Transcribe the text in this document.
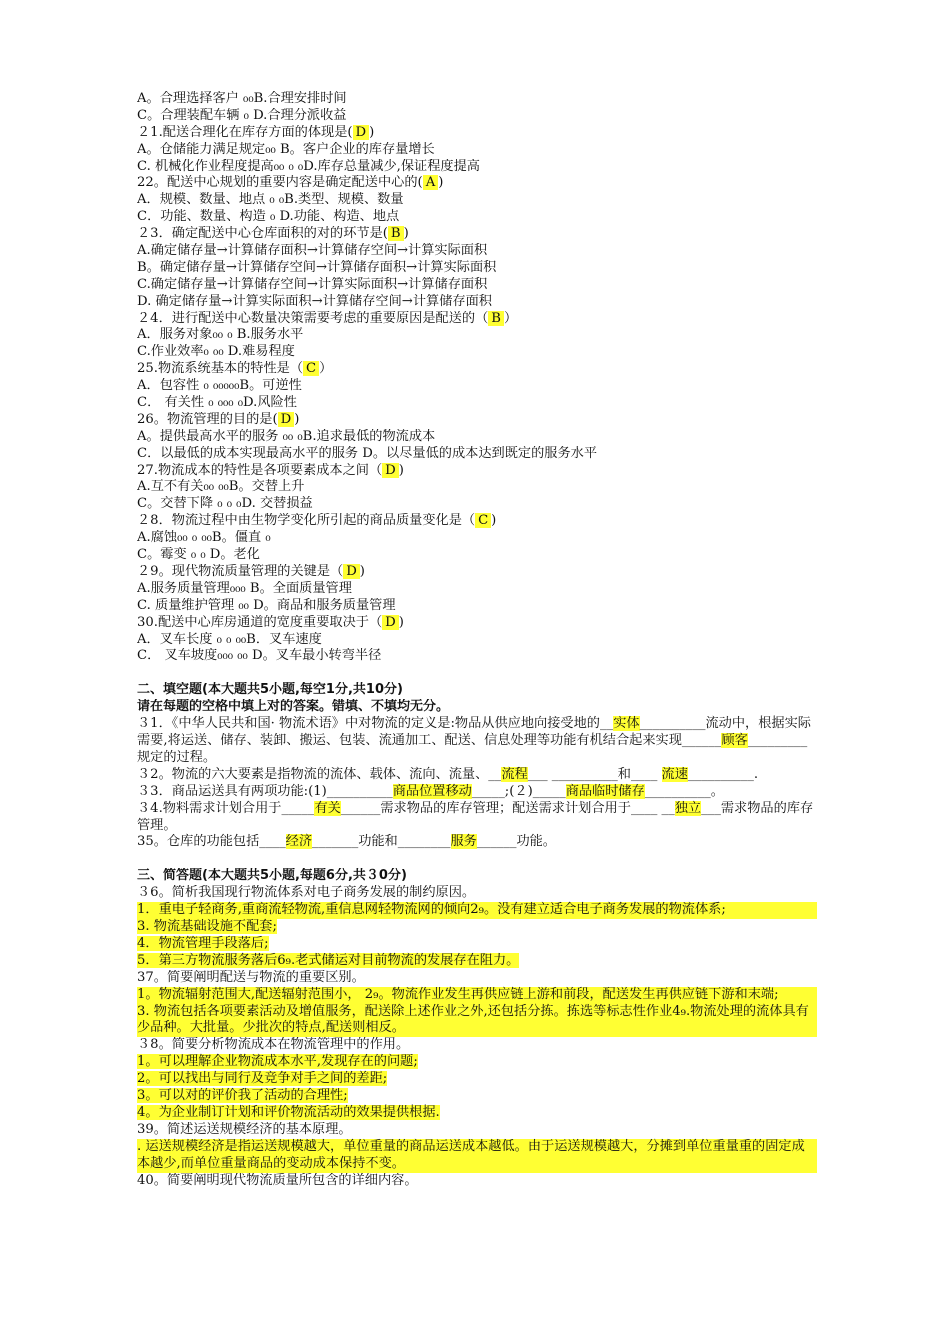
A。合理选择客户 ₀₀B.合理安排时间
C。合理装配车辆 ₀ D.合理分派收益
２1.配送合理化在库存方面的体现是( D )
A。仓储能力满足规定₀₀ B。客户企业的库存量增长
C. 机械化作业程度提高₀₀ ₀ ₀D.库存总量减少,保证程度提高
22。配送中心规划的重要内容是确定配送中心的( A )
A．规模、数量、地点 ₀ ₀B.类型、规模、数量
C．功能、数量、构造 ₀ D.功能、构造、地点
２3．确定配送中心仓库面积的对的环节是( B )
A.确定储存量→计算储存面积→计算储存空间→计算实际面积
B。确定储存量→计算储存空间→计算储存面积→计算实际面积
C.确定储存量→计算储存空间→计算实际面积→计算储存面积
D. 确定储存量→计算实际面积→计算储存空间→计算储存面积
２4．进行配送中心数量决策需要考虑的重要原因是配送的（ B ）
A．服务对象₀₀ ₀ B.服务水平
C.作业效率₀ ₀₀ D.难易程度
25.物流系统基本的特性是（ C ）
A．包容性 ₀ ₀₀₀₀₀B。可逆性
C． 有关性 ₀ ₀₀₀ ₀D.风险性
26。物流管理的目的是( D )
A。提供最高水平的服务 ₀₀ ₀B.追求最低的物流成本
C．以最低的成本实现最高水平的服务 D。以尽量低的成本达到既定的服务水平
27.物流成本的特性是各项要素成本之间（ D )
A.互不有关₀₀ ₀₀B。交替上升
C。交替下降 ₀ ₀ ₀D. 交替损益
２8．物流过程中由生物学变化所引起的商品质量变化是（ C )
A.腐蚀₀₀ ₀ ₀₀B。僵直 ₀
C。霉变 ₀ ₀ D。老化
２9。现代物流质量管理的关键是（ D )
A.服务质量管理₀₀₀ B。全面质量管理
C. 质量维护管理 ₀₀ D。商品和服务质量管理
30.配送中心库房通道的宽度重要取决于（ D )
A．叉车长度 ₀ ₀ ₀₀B．叉车速度
C． 叉车坡度₀₀₀ ₀₀ D。叉车最小转弯半径
二、填空题(本大题共5小题,每空1分,共10分)
请在每题的空格中填上对的答案。错填、不填均无分。
３1．《中华人民共和国· 物流术语》中对物流的定义是:物品从供应地向接受地的__实体__________流动中，根据实际需要,将运送、储存、装卸、搬运、包装、流通加工、配送、信息处理等功能有机结合起来实现______顾客_________规定的过程。
３2。物流的六大要素是指物流的流体、载体、流向、流量、__流程___ __________和____ 流速__________.
３3．商品运送具有两项功能:(1)__________商品位置移动_____;(２)_____商品临时储存__________。
３4.物料需求计划合用于_____有关______需求物品的库存管理；配送需求计划合用于____ __独立___需求物品的库存管理。
35。仓库的功能包括____经济_______功能和________服务______功能。
三、简答题(本大题共5小题,每题6分,共３0分)
３6。简析我国现行物流体系对电子商务发展的制约原因。
1．重电子轻商务,重商流轻物流,重信息网轻物流网的倾向2₉。没有建立适合电子商务发展的物流体系;
3. 物流基础设施不配套;
4．物流管理手段落后;
5．第三方物流服务落后6₉.老式储运对目前物流的发展存在阻力。
37。简要阐明配送与物流的重要区别。
1。物流辐射范围大,配送辐射范围小， 2₉。物流作业发生再供应链上游和前段，配送发生再供应链下游和末端;
3. 物流包括各项要素活动及增值服务，配送除上述作业之外,还包括分拣。拣选等标志性作业4₉.物流处理的流体具有少品种。大批量。少批次的特点,配送则相反。
３8。简要分析物流成本在物流管理中的作用。
1。可以理解企业物流成本水平,发现存在的问题;
2。可以找出与同行及竞争对手之间的差距;
3。可以对的评价我了活动的合理性;
4。为企业制订计划和评价物流活动的效果提供根据.
39。简述运送规模经济的基本原理。
. 运送规模经济是指运送规模越大，单位重量的商品运送成本越低。由于运送规模越大，分摊到单位重量重的固定成本越少,而单位重量商品的变动成本保持不变。
40。简要阐明现代物流质量所包含的详细内容。
